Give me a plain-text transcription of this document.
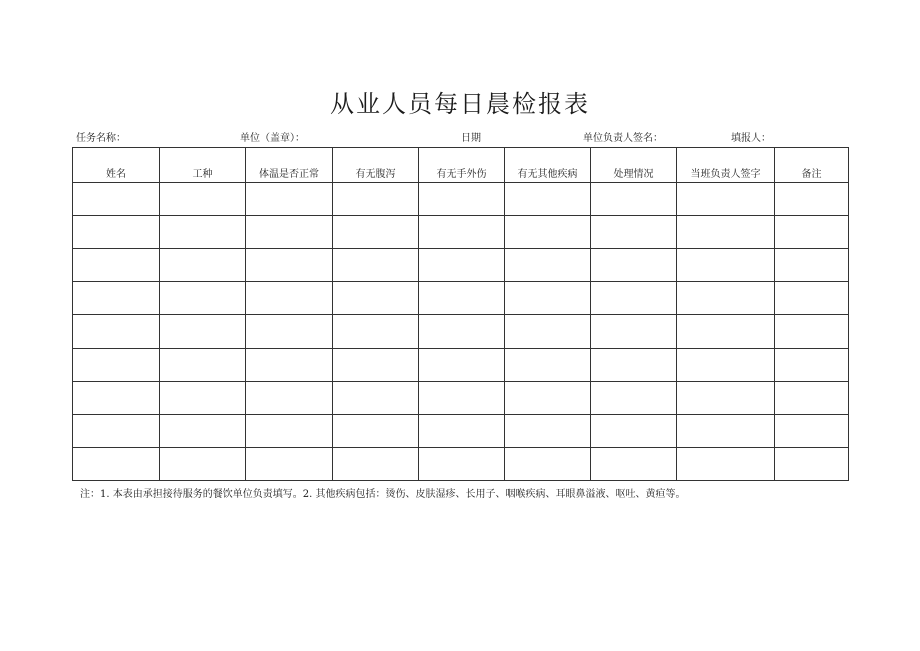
从业人员每日晨检报表
任务名称：	单位（盖章）：	日期	单位负责人签名：	填报人：
姓名	工种	体温是否正常	有无腹泻	有无手外伤	有无其他疾病	处理情况	当班负责人签字	备注

注：1. 本表由承担接待服务的餐饮单位负责填写。2. 其他疾病包括：烫伤、皮肤湿疹、长用子、咽喉疾病、耳眼鼻溢液、呕吐、黄疸等。
